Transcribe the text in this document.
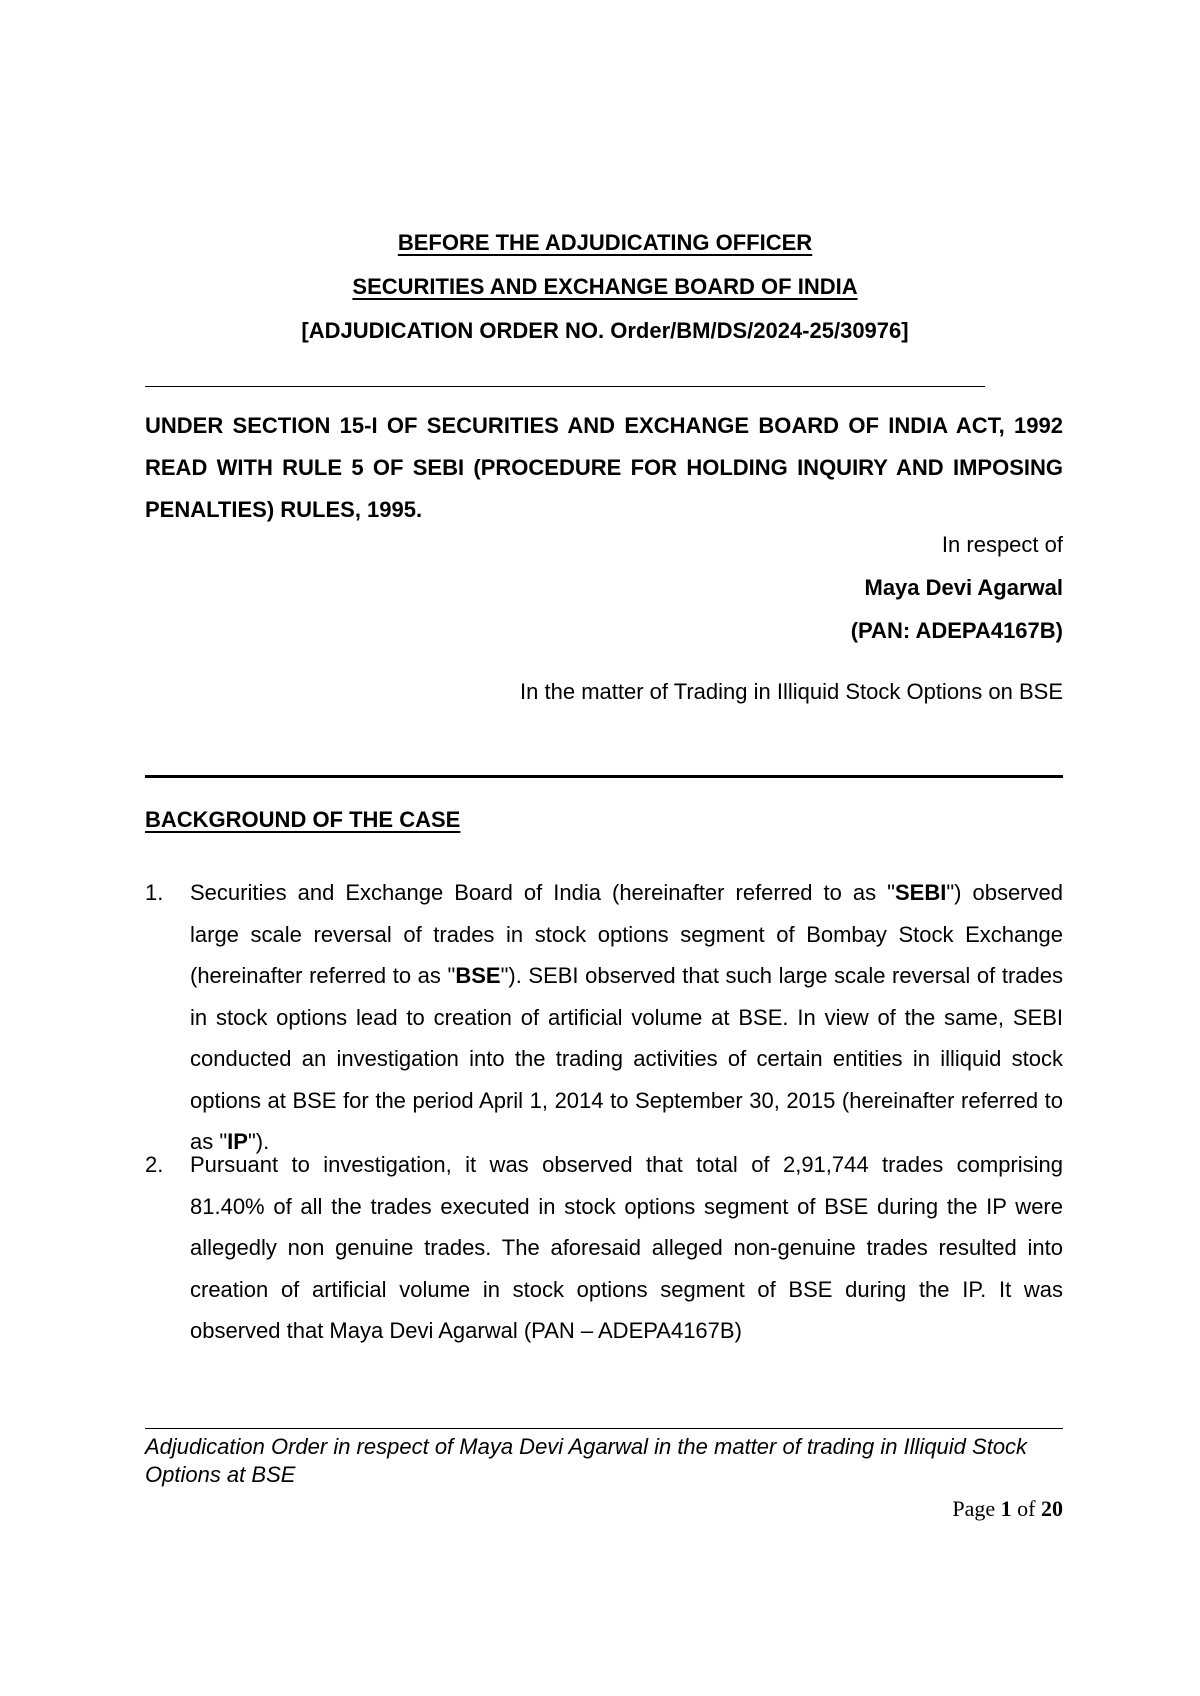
BEFORE THE ADJUDICATING OFFICER

SECURITIES AND EXCHANGE BOARD OF INDIA

[ADJUDICATION ORDER NO. Order/BM/DS/2024-25/30976]

UNDER SECTION 15-I OF SECURITIES AND EXCHANGE BOARD OF INDIA ACT, 1992 READ WITH RULE 5 OF SEBI (PROCEDURE FOR HOLDING INQUIRY AND IMPOSING PENALTIES) RULES, 1995.

In respect of

Maya Devi Agarwal

(PAN: ADEPA4167B)

In the matter of Trading in Illiquid Stock Options on BSE

BACKGROUND OF THE CASE

1. Securities and Exchange Board of India (hereinafter referred to as "SEBI") observed large scale reversal of trades in stock options segment of Bombay Stock Exchange (hereinafter referred to as "BSE"). SEBI observed that such large scale reversal of trades in stock options lead to creation of artificial volume at BSE. In view of the same, SEBI conducted an investigation into the trading activities of certain entities in illiquid stock options at BSE for the period April 1, 2014 to September 30, 2015 (hereinafter referred to as "IP").
2. Pursuant to investigation, it was observed that total of 2,91,744 trades comprising 81.40% of all the trades executed in stock options segment of BSE during the IP were allegedly non genuine trades. The aforesaid alleged non-genuine trades resulted into creation of artificial volume in stock options segment of BSE during the IP. It was observed that Maya Devi Agarwal (PAN – ADEPA4167B)

Adjudication Order in respect of Maya Devi Agarwal in the matter of trading in Illiquid Stock Options at BSE

Page 1 of 20
